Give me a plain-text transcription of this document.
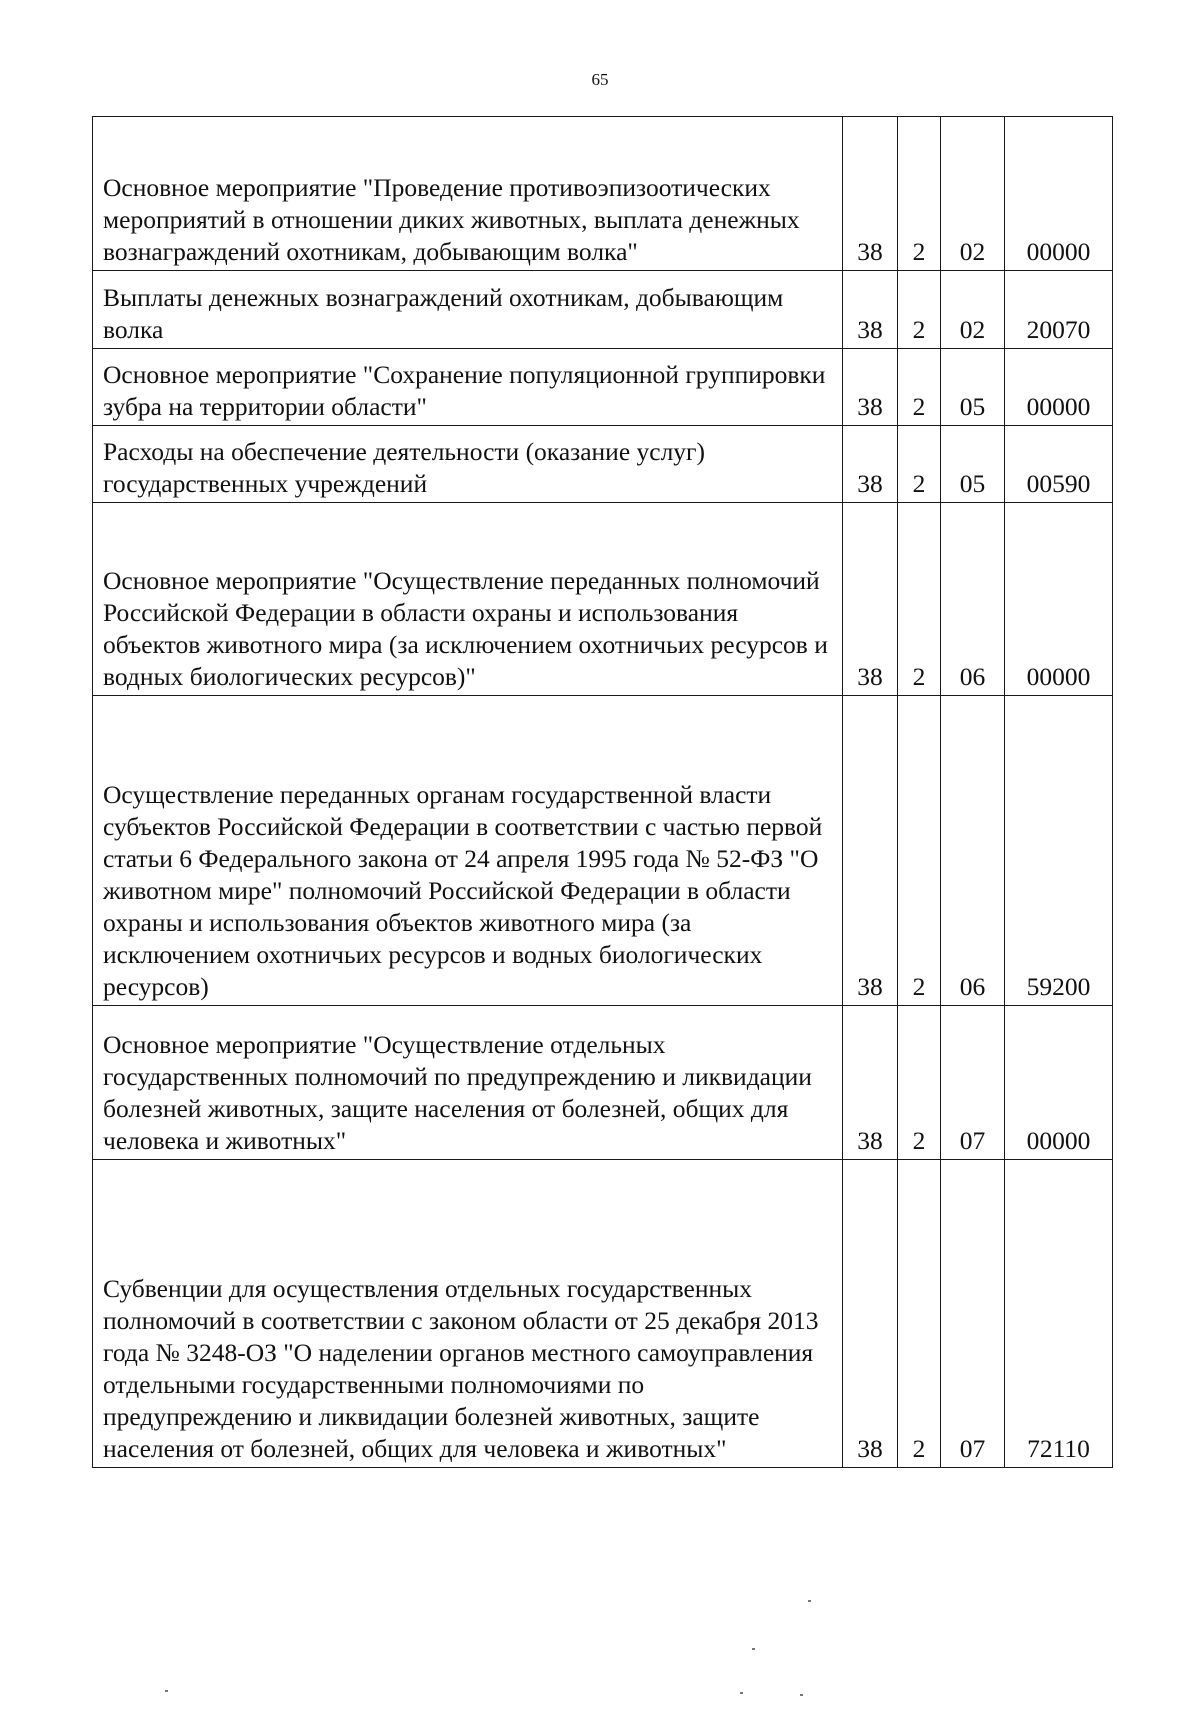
65
Основное мероприятие "Проведение противоэпизоотических мероприятий в отношении диких животных, выплата денежных вознаграждений охотникам, добывающим волка"	38	2	02	00000
Выплаты денежных вознаграждений охотникам, добывающим волка	38	2	02	20070
Основное мероприятие "Сохранение популяционной группировки зубра на территории области"	38	2	05	00000
Расходы на обеспечение деятельности (оказание услуг) государственных учреждений	38	2	05	00590
Основное мероприятие "Осуществление переданных полномочий Российской Федерации в области охраны и использования объектов животного мира (за исключением охотничьих ресурсов и водных биологических ресурсов)"	38	2	06	00000
Осуществление переданных органам государственной власти субъектов Российской Федерации в соответствии с частью первой статьи 6 Федерального закона от 24 апреля 1995 года № 52-ФЗ "О животном мире" полномочий Российской Федерации в области охраны и использования объектов животного мира (за исключением охотничьих ресурсов и водных биологических ресурсов)	38	2	06	59200
Основное мероприятие "Осуществление отдельных государственных полномочий по предупреждению и ликвидации болезней животных, защите населения от болезней, общих для человека и животных"	38	2	07	00000
Субвенции для осуществления отдельных государственных полномочий в соответствии с законом области от 25 декабря 2013 года № 3248-ОЗ "О наделении органов местного самоуправления отдельными государственными полномочиями по предупреждению и ликвидации болезней животных, защите населения от болезней, общих для человека и животных"	38	2	07	72110
